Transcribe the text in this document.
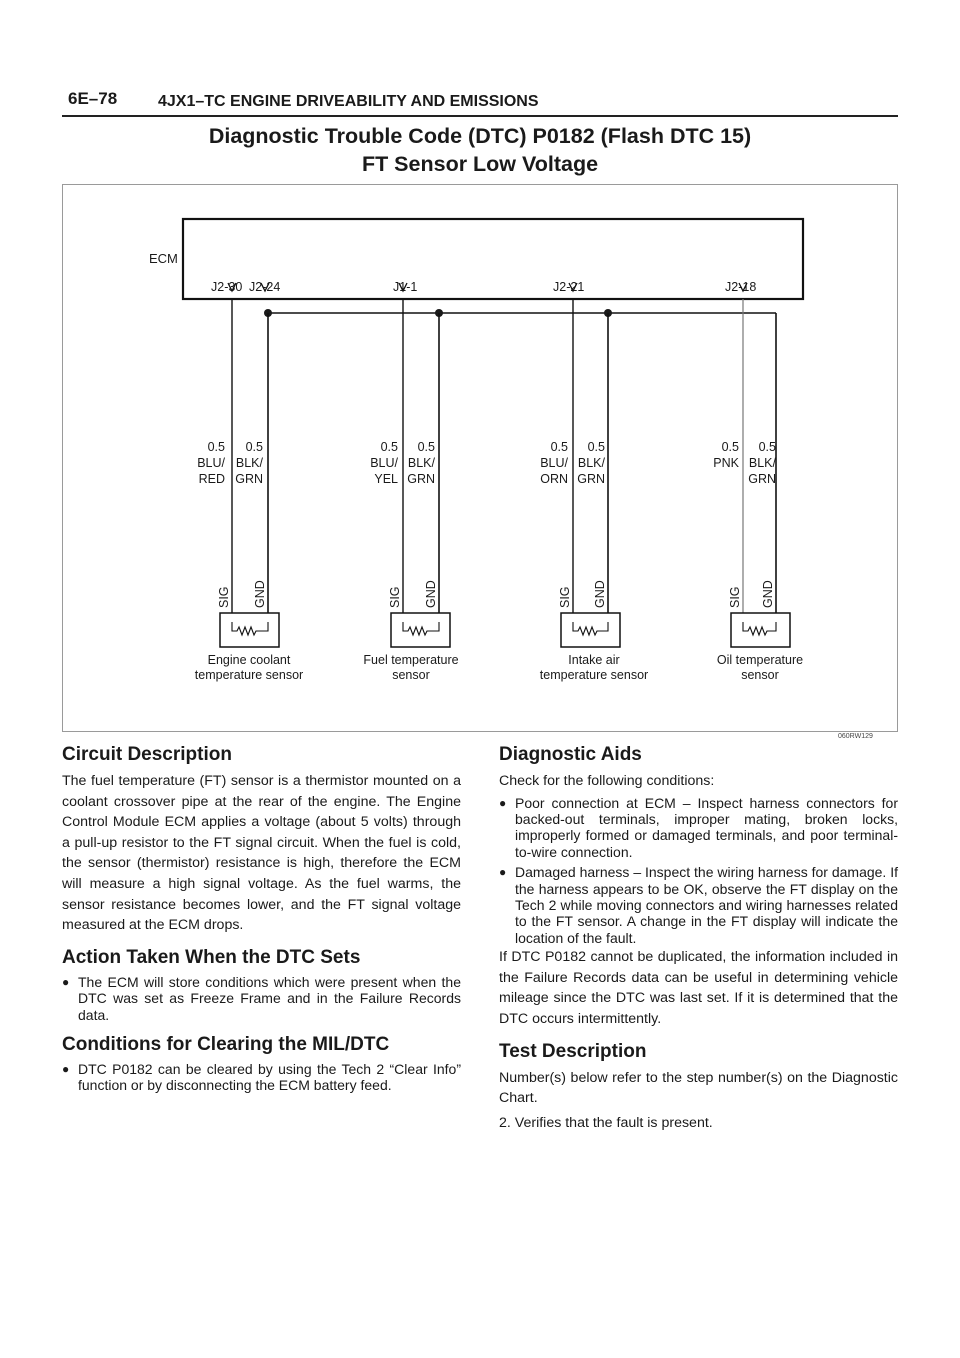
6E–78	4JX1–TC ENGINE DRIVEABILITY AND EMISSIONS
Diagnostic Trouble Code (DTC) P0182 (Flash DTC 15)
FT Sensor Low Voltage
ECM
J2-30 J2-24	J1-1	J2-21	J2-18
0.5
BLU/
RED
0.5
BLK/
GRN
0.5
BLU/
YEL
0.5
BLK/
GRN
0.5
BLU/
ORN
0.5
BLK/
GRN
0.5
PNK
0.5
BLK/
GRN
SIG GND	SIG GND	SIG GND	SIG GND
Engine coolant
temperature sensor
Fuel temperature
sensor
Intake air
temperature sensor
Oil temperature
sensor
060RW129
Circuit Description

The fuel temperature (FT) sensor is a thermistor mounted on a coolant crossover pipe at the rear of the engine. The Engine Control Module ECM applies a voltage (about 5 volts) through a pull-up resistor to the FT signal circuit. When the fuel is cold, the sensor (thermistor) resistance is high, therefore the ECM will measure a high signal voltage. As the fuel warms, the sensor resistance becomes lower, and the FT signal voltage measured at the ECM drops.

Action Taken When the DTC Sets
● The ECM will store conditions which were present when the DTC was set as Freeze Frame and in the Failure Records data.
Conditions for Clearing the MIL/DTC
● DTC P0182 can be cleared by using the Tech 2 “Clear Info” function or by disconnecting the ECM battery feed.
Diagnostic Aids

Check for the following conditions:

● Poor connection at ECM – Inspect harness connectors for backed-out terminals, improper mating, broken locks, improperly formed or damaged terminals, and poor terminal-to-wire connection.
● Damaged harness – Inspect the wiring harness for damage. If the harness appears to be OK, observe the FT display on the Tech 2 while moving connectors and wiring harnesses related to the FT sensor. A change in the FT display will indicate the location of the fault.

If DTC P0182 cannot be duplicated, the information included in the Failure Records data can be useful in determining vehicle mileage since the DTC was last set. If it is determined that the DTC occurs intermittently.

Test Description

Number(s) below refer to the step number(s) on the Diagnostic Chart.

2. Verifies that the fault is present.
